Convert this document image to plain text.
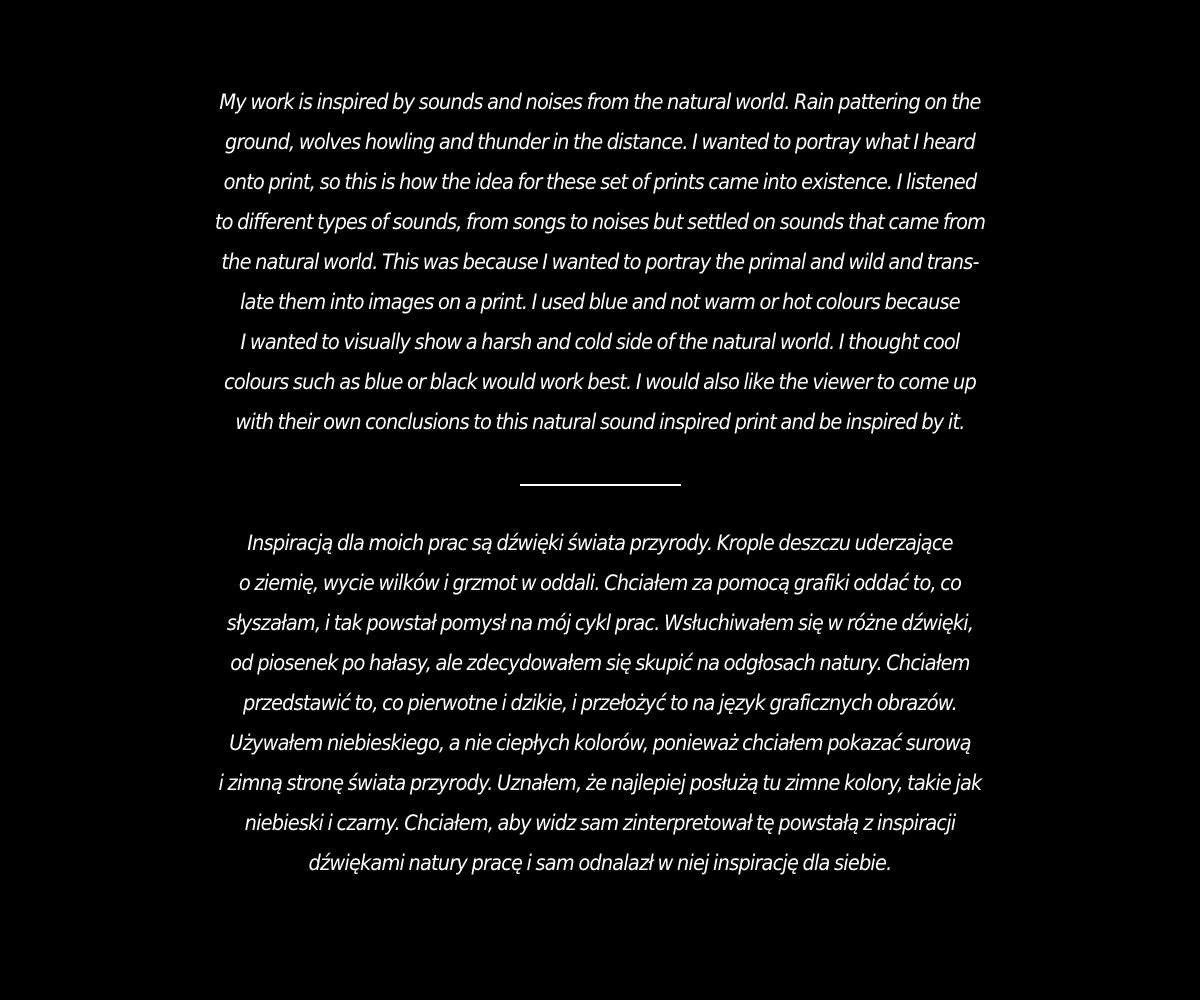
My work is inspired by sounds and noises from the natural world. Rain pattering on the
ground, wolves howling and thunder in the distance. I wanted to portray what I heard
onto print, so this is how the idea for these set of prints came into existence. I listened
to different types of sounds, from songs to noises but settled on sounds that came from
the natural world. This was because I wanted to portray the primal and wild and trans-
late them into images on a print. I used blue and not warm or hot colours because
I wanted to visually show a harsh and cold side of the natural world. I thought cool
colours such as blue or black would work best. I would also like the viewer to come up
with their own conclusions to this natural sound inspired print and be inspired by it.
Inspiracją dla moich prac są dźwięki świata przyrody. Krople deszczu uderzające
o ziemię, wycie wilków i grzmot w oddali. Chciałem za pomocą grafiki oddać to, co
słyszałam, i tak powstał pomysł na mój cykl prac. Wsłuchiwałem się w różne dźwięki,
od piosenek po hałasy, ale zdecydowałem się skupić na odgłosach natury. Chciałem
przedstawić to, co pierwotne i dzikie, i przełożyć to na język graficznych obrazów.
Używałem niebieskiego, a nie ciepłych kolorów, ponieważ chciałem pokazać surową
i zimną stronę świata przyrody. Uznałem, że najlepiej posłużą tu zimne kolory, takie jak
niebieski i czarny. Chciałem, aby widz sam zinterpretował tę powstałą z inspiracji
dźwiękami natury pracę i sam odnalazł w niej inspirację dla siebie.
